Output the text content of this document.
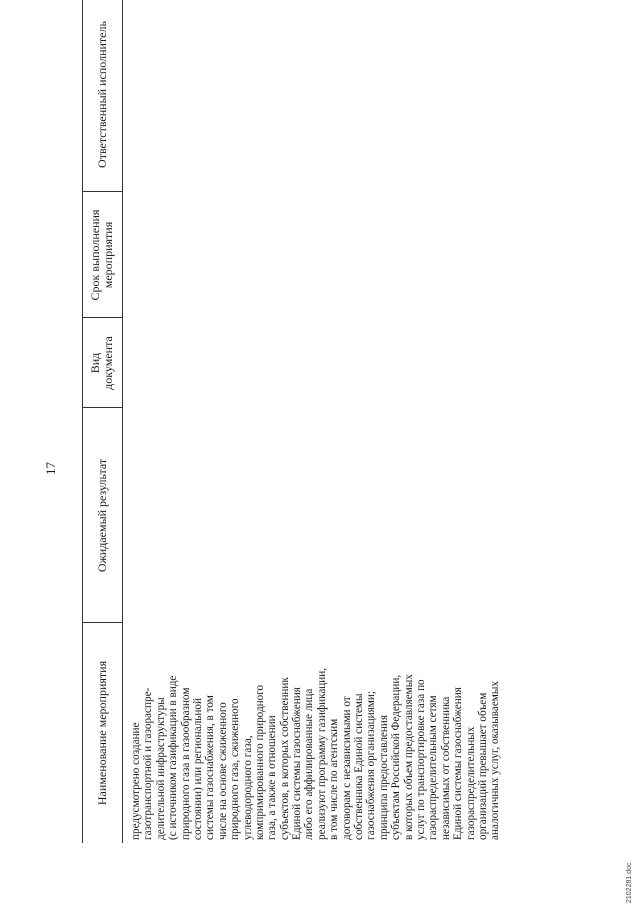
17
Наименование мероприятия
Ожидаемый результат
Вид документа
Срок выполнения мероприятия
Ответственный исполнитель
предусмотрено создание газотранспортной и газораспре- делительной инфраструктуры (с источником газификации в виде природного газа в газообразном состоянии) или региональной системы газоснабжения, в том числе на основе сжиженного природного газа, сжиженного углеводородного газа, компримированного природного газа, а также в отношении субъектов, в которых собственник Единой системы газоснабжения либо его аффилированные лица реализуют программу газификации, в том числе по агентским договорам с независимыми от собственника Единой системы газоснабжения организациями; принципа предоставления субъектам Российской Федерации, в которых объем предоставляемых услуг по транспортировке газа по газораспределительным сетям независимых от собственника Единой системы газоснабжения газораспределительных организаций превышает объем аналогичных услуг, оказываемых
2102281.doc
